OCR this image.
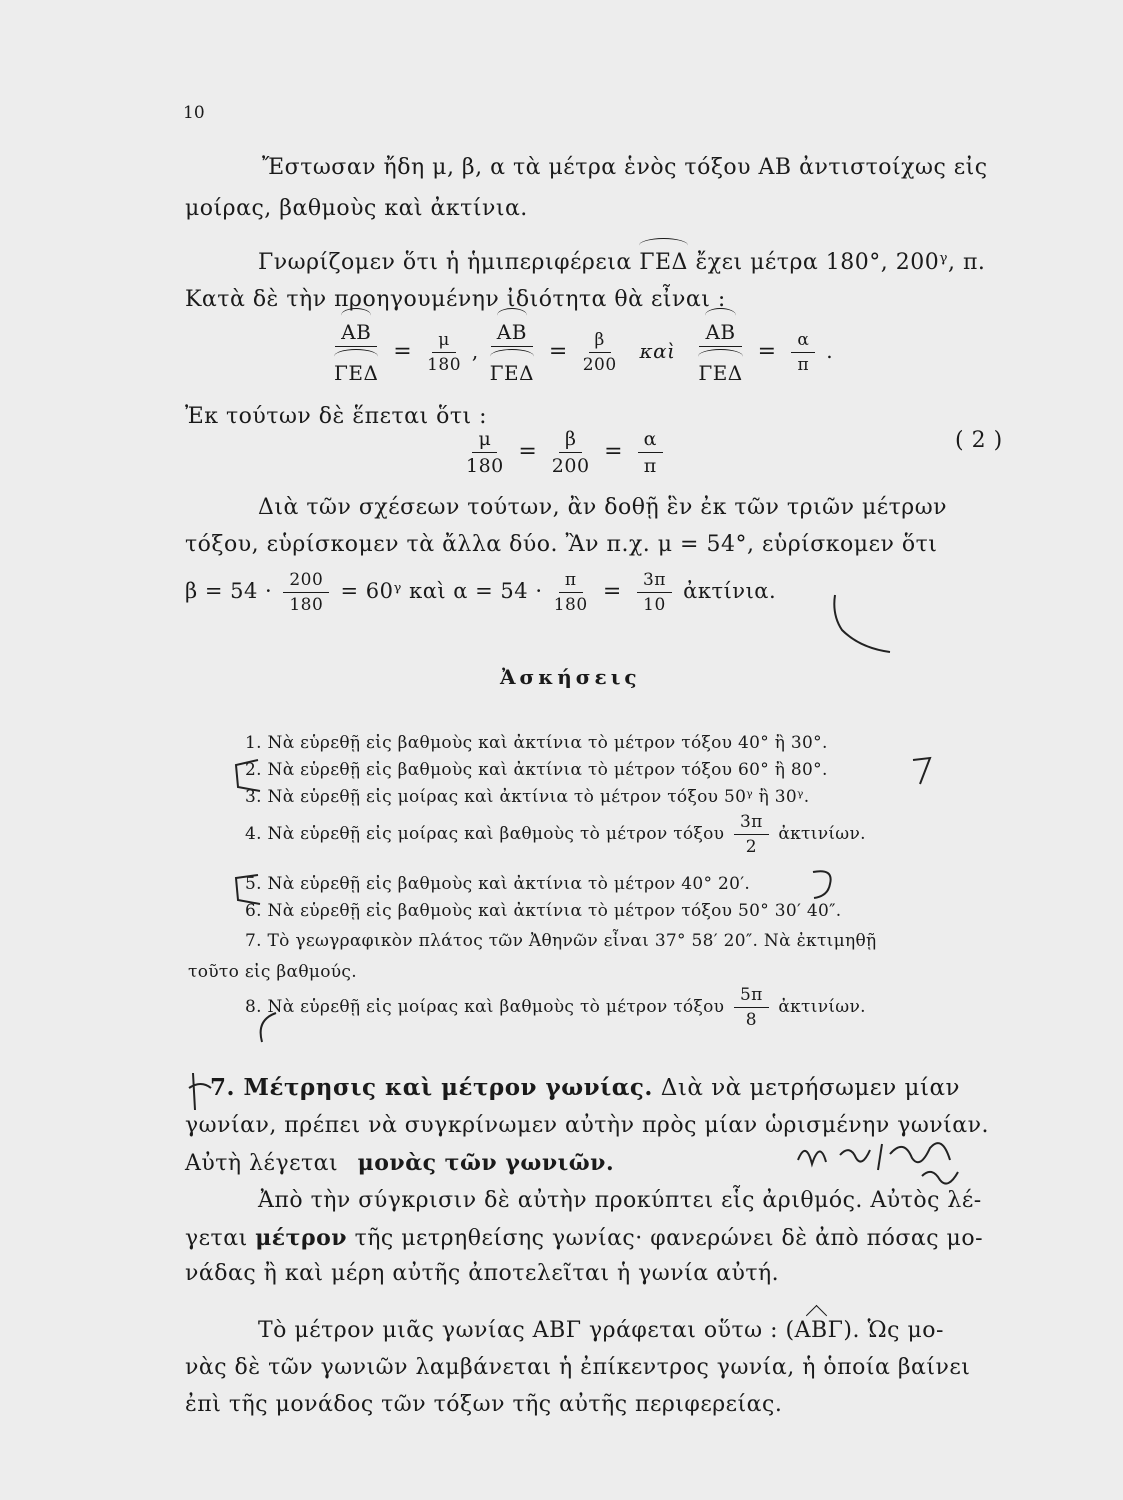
10
Ἔστωσαν ἤδη μ, β, α τὰ μέτρα ἑνὸς τόξου ΑΒ ἀντιστοίχως εἰς
μοίρας, βαθμοὺς καὶ ἀκτίνια.
Γνωρίζομεν ὅτι ἡ ἡμιπεριφέρεια ΓΕΔ ἔχει μέτρα 180°, 200ᵞ, π.
Κατὰ δὲ τὴν προηγουμένην ἰδιότητα θὰ εἶναι :
$\frac{AB}{\text{ΓΕΔ}} = \frac{\mu}{180}$ , $\frac{AB}{\text{ΓΕΔ}} = \frac{\beta}{200}$ καὶ $\frac{AB}{\text{ΓΕΔ}} = \frac{\alpha}{\pi}$ .
Ἐκ τούτων δὲ ἕπεται ὅτι :
$\frac{\mu}{180} = \frac{\beta}{200} = \frac{\alpha}{\pi}$	( 2 )
Διὰ τῶν σχέσεων τούτων, ἂν δοθῇ ἓν ἐκ τῶν τριῶν μέτρων
τόξου, εὑρίσκομεν τὰ ἄλλα δύο. Ἂν π.χ. μ = 54°, εὑρίσκομεν ὅτι
$\beta = 54 \cdot \frac{200}{180}$ = 60ᵞ καὶ $\alpha = 54 \cdot \frac{\pi}{180} = \frac{3\pi}{10}$ ἀκτίνια.
Ἀσκήσεις
1. Νὰ εὑρεθῇ εἰς βαθμοὺς καὶ ἀκτίνια τὸ μέτρον τόξου 40° ἢ 30°.
2. Νὰ εὑρεθῇ εἰς βαθμοὺς καὶ ἀκτίνια τὸ μέτρον τόξου 60° ἢ 80°.
3. Νὰ εὑρεθῇ εἰς μοίρας καὶ ἀκτίνια τὸ μέτρον τόξου 50ᵞ ἢ 30ᵞ.
4. Νὰ εὑρεθῇ εἰς μοίρας καὶ βαθμοὺς τὸ μέτρον τόξου $\frac{3\pi}{2}$ ἀκτινίων.
5. Νὰ εὑρεθῇ εἰς βαθμοὺς καὶ ἀκτίνια τὸ μέτρον 40° 20′.
6. Νὰ εὑρεθῇ εἰς βαθμοὺς καὶ ἀκτίνια τὸ μέτρον τόξου 50° 30′ 40″.
7. Τὸ γεωγραφικὸν πλάτος τῶν Ἀθηνῶν εἶναι 37° 58′ 20″. Νὰ ἐκτιμηθῇ
τοῦτο εἰς βαθμούς.
8. Νὰ εὑρεθῇ εἰς μοίρας καὶ βαθμοὺς τὸ μέτρον τόξου $\frac{5\pi}{8}$ ἀκτινίων.
7. Μέτρησις καὶ μέτρον γωνίας. Διὰ νὰ μετρήσωμεν μίαν
γωνίαν, πρέπει νὰ συγκρίνωμεν αὐτὴν πρὸς μίαν ὡρισμένην γωνίαν.
Αὐτὴ λέγεται μονὰς τῶν γωνιῶν.
Ἀπὸ τὴν σύγκρισιν δὲ αὐτὴν προκύπτει εἷς ἀριθμός. Αὐτὸς λέ-
γεται μέτρον τῆς μετρηθείσης γωνίας· φανερώνει δὲ ἀπὸ πόσας μο-
νάδας ἢ καὶ μέρη αὐτῆς ἀποτελεῖται ἡ γωνία αὐτή.
Τὸ μέτρον μιᾶς γωνίας ΑΒΓ γράφεται οὕτω : (ΑΒΓ). Ὡς μο-
νὰς δὲ τῶν γωνιῶν λαμβάνεται ἡ ἐπίκεντρος γωνία, ἡ ὁποία βαίνει
ἐπὶ τῆς μονάδος τῶν τόξων τῆς αὐτῆς περιφερείας.
